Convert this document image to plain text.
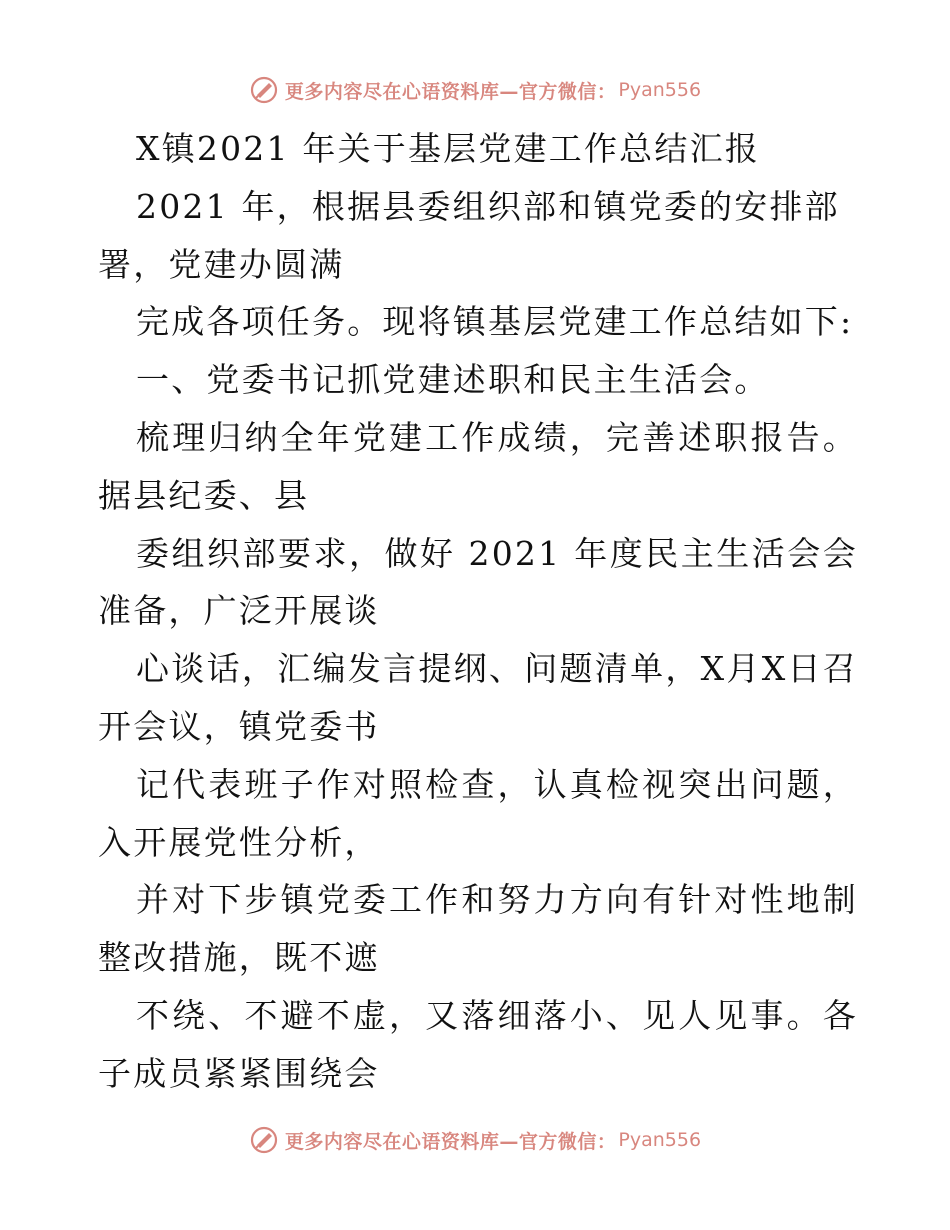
更多内容尽在心语资料库—官方微信： Pyan556
X镇2021 年关于基层党建工作总结汇报
2021 年，根据县委组织部和镇党委的安排部
署，党建办圆满
完成各项任务。现将镇基层党建工作总结如下:
一、党委书记抓党建述职和民主生活会。
梳理归纳全年党建工作成绩，完善述职报告。
据县纪委、县
委组织部要求，做好 2021 年度民主生活会会
准备，广泛开展谈
心谈话，汇编发言提纲、问题清单，X月X日召
开会议，镇党委书
记代表班子作对照检查，认真检视突出问题，
入开展党性分析，
并对下步镇党委工作和努力方向有针对性地制
整改措施，既不遮
不绕、不避不虚，又落细落小、见人见事。各
子成员紧紧围绕会
更多内容尽在心语资料库—官方微信： Pyan556
